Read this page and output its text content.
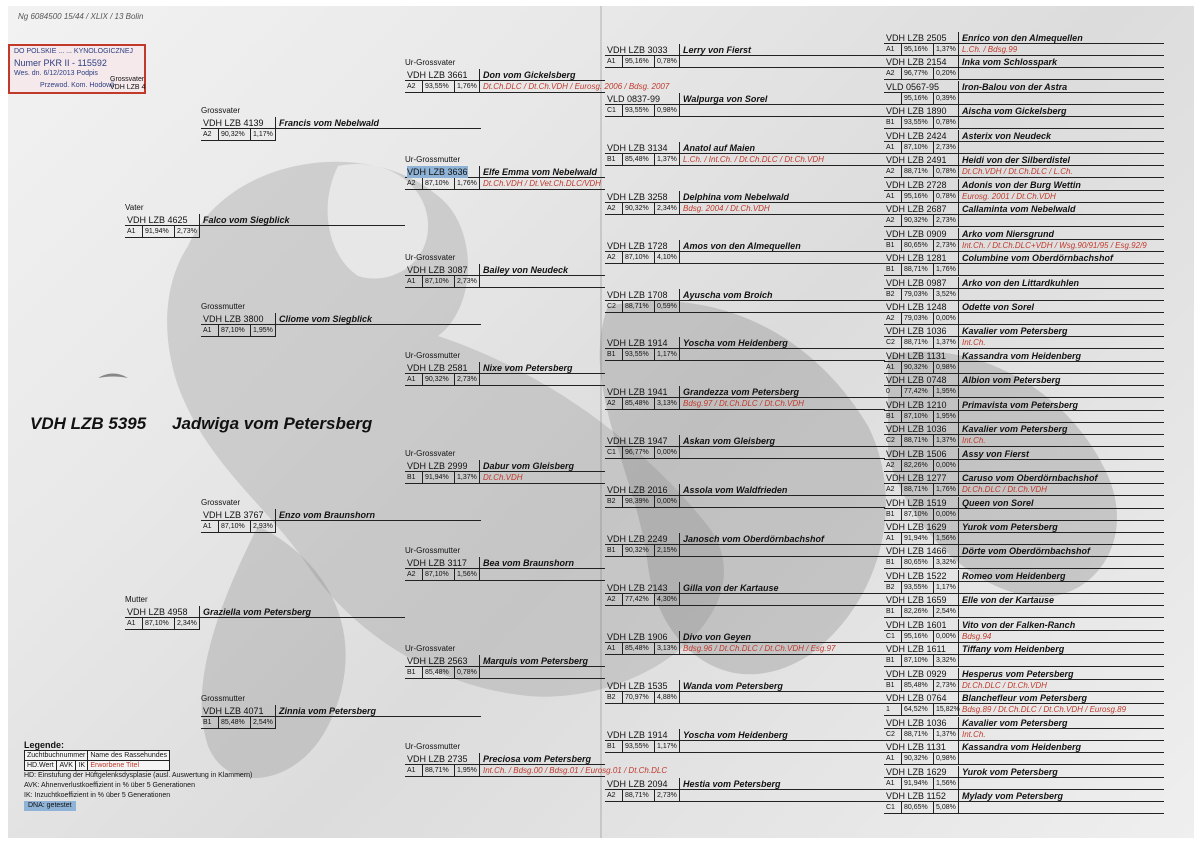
Ng 6084500 15/44 / XLIX / 13 Bolin
DO POLSKIE ... ... KYNOLOGICZNEJ
Numer PKR II - 115592
Wes. dn. 6/12/2013 Podpis
Przewod. Kom. Hodowli
Grossvater
VDH LZB 4
VDH LZB 5395 Jadwiga vom Petersberg
VDH LZB 4625 Falco vom Siegblick
A1	91,94%	2,73%
Vater
VDH LZB 4958 Graziella vom Petersberg
A1	87,10%	2,34%
Mutter
VDH LZB 4139 Francis vom Nebelwald
A2	90,32%	1,17%
Grossvater
VDH LZB 3800 Cliome vom Siegblick
A1	87,10%	1,95%
Grossmutter
VDH LZB 3767 Enzo vom Braunshorn
A1	87,10%	2,93%
Grossvater
VDH LZB 4071 Zinnia vom Petersberg
B1	85,48%	2,54%
Grossmutter
VDH LZB 3661 Don vom Gickelsberg
A2	93,55%	1,76% Dt.Ch.DLC / Dt.Ch.VDH / Eurosg. 2006 / Bdsg. 2007
Ur-Grossvater
VDH LZB 3636 Elfe Emma vom Nebelwald
A2	87,10%	1,76% Dt.Ch.VDH / Dt.Vet.Ch.DLC/VDH
Ur-Grossmutter
VDH LZB 3087 Bailey von Neudeck
A1	87,10%	2,73%
Ur-Grossvater
VDH LZB 2581 Nixe vom Petersberg
A1	90,32%	2,73%
Ur-Grossmutter
VDH LZB 2999 Dabur vom Gleisberg
B1	91,94%	1,37% Dt.Ch.VDH
Ur-Grossvater
VDH LZB 3117 Bea vom Braunshorn
A2	87,10%	1,56%
Ur-Grossmutter
VDH LZB 2563 Marquis vom Petersberg
B1	85,48%	0,78%
Ur-Grossvater
VDH LZB 2735 Preciosa vom Petersberg
A1	88,71%	1,95% Int.Ch. / Bdsg.00 / Bdsg.01 / Eurosg.01 / Dt.Ch.DLC
Ur-Grossmutter
VDH LZB 3033 Lerry von Fierst
A1	95,16%	0,78%
VLD 0837-99	Walpurga von Sorel
C1	93,55%	0,98%
VDH LZB 3134 Anatol auf Maien
B1	85,48%	1,37% L.Ch. / Int.Ch. / Dt.Ch.DLC / Dt.Ch.VDH
VDH LZB 3258 Delphina vom Nebelwald
A2	90,32%	2,34% Bdsg. 2004 / Dt.Ch.VDH
VDH LZB 1728 Amos von den Almequellen
A2	87,10%	4,10%
VDH LZB 1708 Ayuscha vom Broich
C2	88,71%	0,59%
VDH LZB 1914 Yoscha vom Heidenberg
B1	93,55%	1,17%
VDH LZB 1941 Grandezza vom Petersberg
A2	85,48%	3,13% Bdsg.97 / Dt.Ch.DLC / Dt.Ch.VDH
VDH LZB 1947 Askan vom Gleisberg
C1	96,77%	0,00%
VDH LZB 2016 Assola vom Waldfrieden
B2	98,39%	0,00%
VDH LZB 2249 Janosch vom Oberdörnbachshof
B1	90,32%	2,15%
VDH LZB 2143 Gilla von der Kartause
A2	77,42%	4,30%
VDH LZB 1906 Divo von Geyen
A1	85,48%	3,13% Bdsg.96 / Dt.Ch.DLC / Dt.Ch.VDH / Esg.97
VDH LZB 1535 Wanda vom Petersberg
B2	70,97%	4,88%
VDH LZB 1914 Yoscha vom Heidenberg
B1	93,55%	1,17%
VDH LZB 2094 Hestia vom Petersberg
A2	88,71%	2,73%
VDH LZB 2505 Enrico von den Almequellen
A1	95,16%	1,37% L.Ch. / Bdsg.99
VDH LZB 2154 Inka vom Schlosspark
A2	96,77%	0,20%
VLD 0567-95	Iron-Balou von der Astra
95,16%	0,39%
VDH LZB 1890 Aischa vom Gickelsberg
B1	93,55%	0,78%
VDH LZB 2424 Asterix von Neudeck
A1	87,10%	2,73%
VDH LZB 2491 Heidi von der Silberdistel
A2	88,71%	0,78% Dt.Ch.VDH / Dt.Ch.DLC / L.Ch.
VDH LZB 2728 Adonis von der Burg Wettin
A1	95,16%	0,78% Eurosg. 2001 / Dt.Ch.VDH
VDH LZB 2687 Callaminta vom Nebelwald
A2	90,32%	2,73%
VDH LZB 0909 Arko vom Niersgrund
B1	80,65%	2,73% Int.Ch. / Dt.Ch.DLC+VDH / Wsg.90/91/95 / Esg.92/9
VDH LZB 1281 Columbine vom Oberdörnbachshof
B1	88,71%	1,76%
VDH LZB 0987 Arko von den Littardkuhlen
B2	79,03%	3,52%
VDH LZB 1248 Odette von Sorel
A2	79,03%	0,00%
VDH LZB 1036 Kavalier vom Petersberg
C2	88,71%	1,37% Int.Ch.
VDH LZB 1131 Kassandra vom Heidenberg
A1	90,32%	0,98%
VDH LZB 0748 Albion vom Petersberg
0	77,42%	1,95%
VDH LZB 1210 Primavista vom Petersberg
B1	87,10%	1,95%
VDH LZB 1036 Kavalier vom Petersberg
C2	88,71%	1,37% Int.Ch.
VDH LZB 1506 Assy von Fierst
A2	82,26%	0,00%
VDH LZB 1277 Caruso vom Oberdörnbachshof
A2	88,71%	1,76% Dt.Ch.DLC / Dt.Ch.VDH
VDH LZB 1519 Queen von Sorel
B1	87,10%	0,00%
VDH LZB 1629 Yurok vom Petersberg
A1	91,94%	1,56%
VDH LZB 1466 Dörte vom Oberdörnbachshof
B1	80,65%	3,32%
VDH LZB 1522 Romeo vom Heidenberg
B2	93,55%	1,17%
VDH LZB 1659 Elle von der Kartause
B1	82,26%	2,54%
VDH LZB 1601 Vito von der Falken-Ranch
C1	95,16%	0,00% Bdsg.94
VDH LZB 1611 Tiffany vom Heidenberg
B1	87,10%	3,32%
VDH LZB 0929 Hesperus vom Petersberg
B1	85,48%	2,73% Dt.Ch.DLC / Dt.Ch.VDH
VDH LZB 0764 Blanchefleur vom Petersberg
1	64,52%	15,82% Bdsg.89 / Dt.Ch.DLC / Dt.Ch.VDH / Eurosg.89
VDH LZB 1036 Kavalier vom Petersberg
C2	88,71%	1,37% Int.Ch.
VDH LZB 1131 Kassandra vom Heidenberg
A1	90,32%	0,98%
VDH LZB 1629 Yurok vom Petersberg
A1	91,94%	1,56%
VDH LZB 1152 Mylady vom Petersberg
C1	80,65%	5,08%
Legende:
Zuchtbuchnummer			Name des Rassehundes
HD.Wert	AVK	IK	Erworbene Titel
HD: Einstufung der Hüftgelenksdysplasie (ausl. Auswertung in Klammern)
AVK: Ahnenverlustkoeffizient in % über 5 Generationen
IK: Inzuchtkoeffizient in % über 5 Generationen
DNA: getestet
